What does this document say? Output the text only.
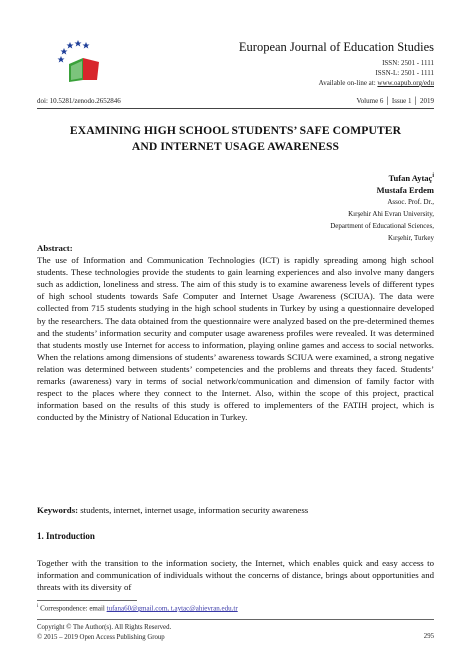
European Journal of Education Studies
ISSN: 2501 - 1111
ISSN-L: 2501 - 1111
Available on-line at: www.oapub.org/edu
doi: 10.5281/zenodo.2652846	Volume 6 │ Issue 1 │ 2019
EXAMINING HIGH SCHOOL STUDENTS’ SAFE COMPUTER
AND INTERNET USAGE AWARENESS
Tufan Aytaç$^i$
Mustafa Erdem
Assoc. Prof. Dr.,
Kırşehir Ahi Evran University,
Department of Educational Sciences,
Kırşehir, Turkey
Abstract:
The use of Information and Communication Technologies (ICT) is rapidly spreading among high school students. These technologies provide the students to gain learning experiences and also involve many dangers such as addiction, loneliness and stress. The aim of this study is to examine awareness levels of different types of high school students towards Safe Computer and Internet Usage Awareness (SCIUA). The data were collected from 715 students studying in the high school students in Turkey by using a questionnaire developed by the researchers. The data obtained from the questionnaire were analyzed based on the pre-determined themes and the students’ information security and computer usage awareness profiles were revealed. It was determined that students mostly use Internet for access to information, playing online games and access to social networks. When the relations among dimensions of students’ awareness towards SCIUA were examined, a strong negative relation was determined between students’ competencies and the problems and threats they faced. Students’ remarks (awareness) vary in terms of social network/communication and dimension of family factor with respect to the places where they connect to the Internet. Also, within the scope of this project, practical information based on the results of this study is offered to implementers of the FATIH project, which is conducted by the Ministry of National Education in Turkey.
Keywords: students, internet, internet usage, information security awareness
1. Introduction
Together with the transition to the information society, the Internet, which enables quick and easy access to information and communication of individuals without the concerns of distance, brings about opportunities and threats with its diversity of
$^i$ Correspondence: email tufana60@gmail.com, t.aytac@ahievran.edu.tr
Copyright © The Author(s). All Rights Reserved.
© 2015 – 2019 Open Access Publishing Group	295
